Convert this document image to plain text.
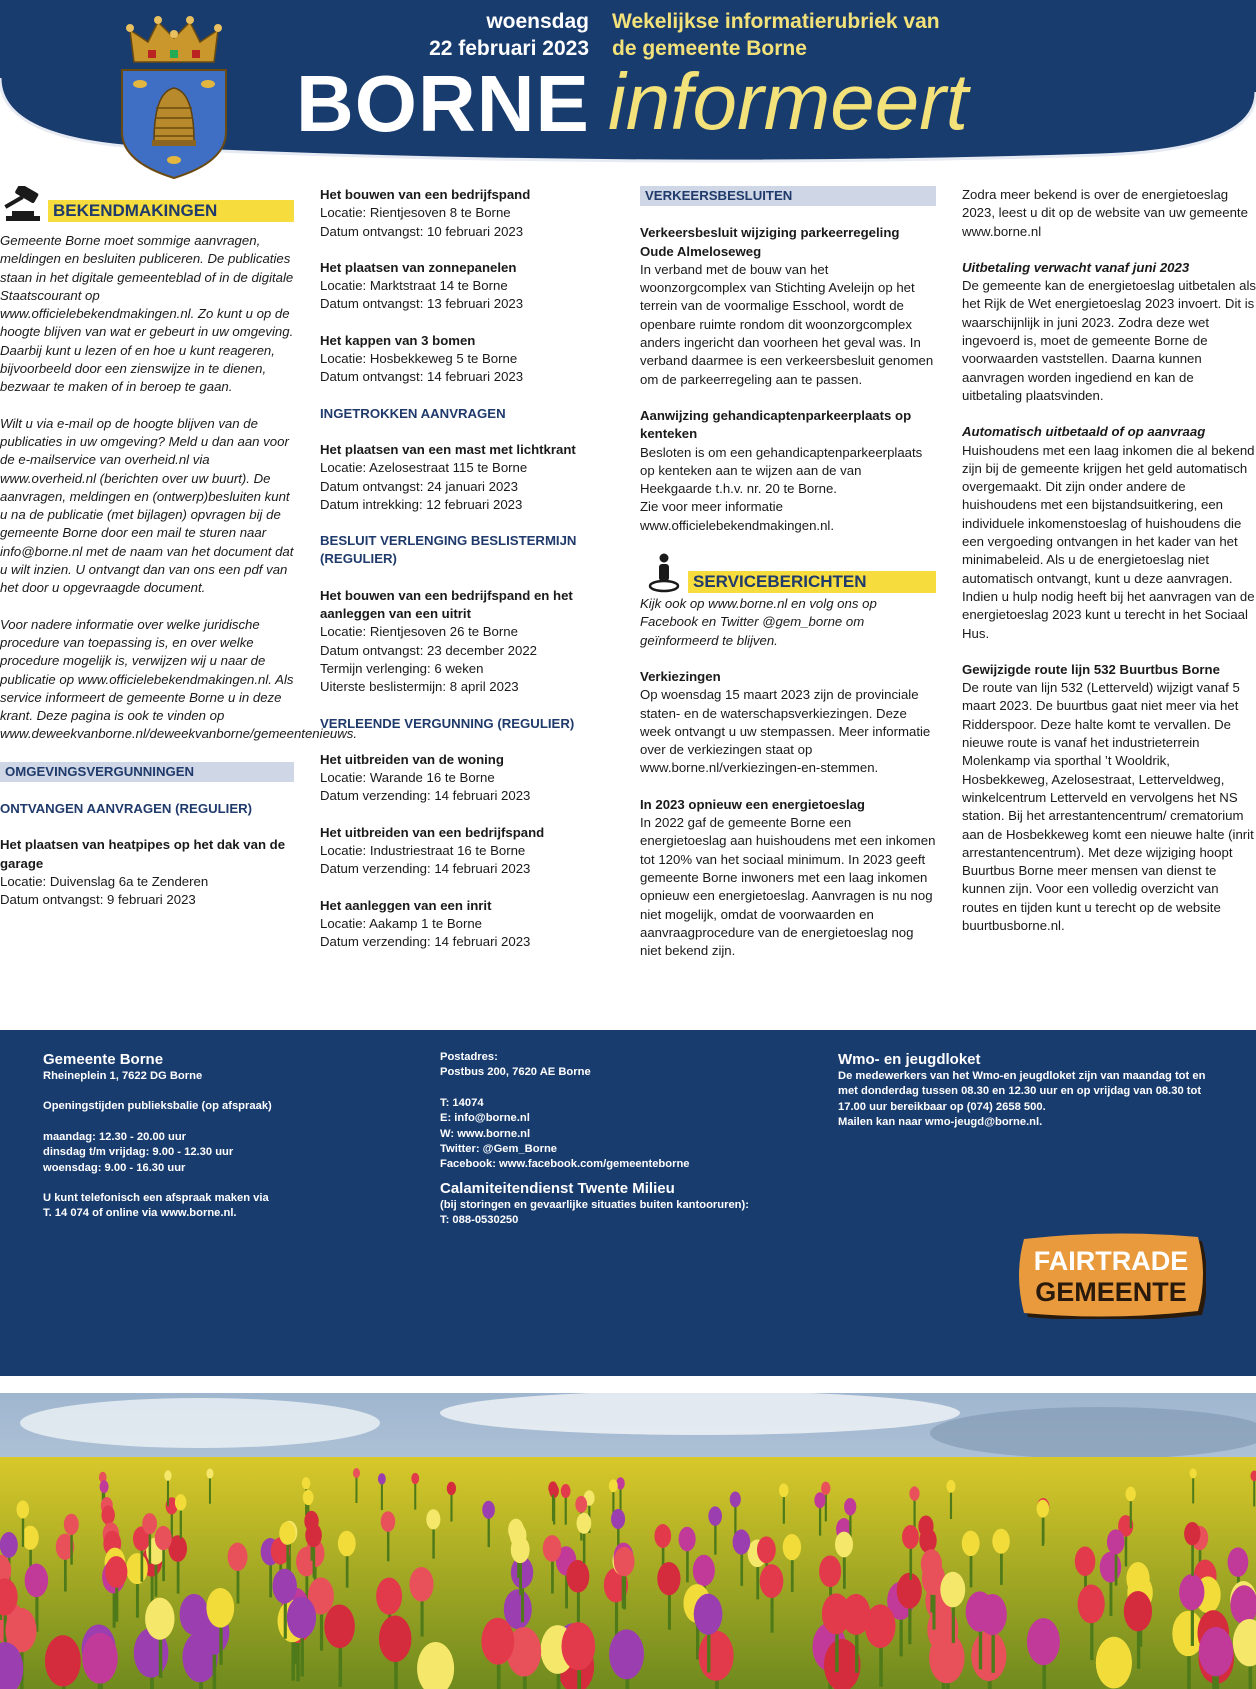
woensdag
22 februari 2023
Wekelijkse informatierubriek van
de gemeente Borne
BORNE informeert
BEKENDMAKINGEN

Gemeente Borne moet sommige aanvragen, meldingen en besluiten publiceren. De publicaties staan in het digitale gemeenteblad of in de digitale Staatscourant op www.officielebekendmakingen.nl. Zo kunt u op de hoogte blijven van wat er gebeurt in uw omgeving. Daarbij kunt u lezen of en hoe u kunt reageren, bijvoorbeeld door een zienswijze in te dienen, bezwaar te maken of in beroep te gaan.

Wilt u via e-mail op de hoogte blijven van de publicaties in uw omgeving? Meld u dan aan voor de e-mailservice van overheid.nl via www.overheid.nl (berichten over uw buurt). De aanvragen, meldingen en (ontwerp)besluiten kunt u na de publicatie (met bijlagen) opvragen bij de gemeente Borne door een mail te sturen naar info@borne.nl met de naam van het document dat u wilt inzien. U ontvangt dan van ons een pdf van het door u opgevraagde document.

Voor nadere informatie over welke juridische procedure van toepassing is, en over welke procedure mogelijk is, verwijzen wij u naar de publicatie op www.officielebekendmakingen.nl. Als service informeert de gemeente Borne u in deze krant. Deze pagina is ook te vinden op www.deweekvanborne.nl/deweekvanborne/gemeentenieuws.

OMGEVINGSVERGUNNINGEN
ONTVANGEN AANVRAGEN (REGULIER)

Het plaatsen van heatpipes op het dak van de garage
Locatie: Duivenslag 6a te Zenderen
Datum ontvangst: 9 februari 2023

Het bouwen van een bedrijfspand
Locatie: Rientjesoven 8 te Borne
Datum ontvangst: 10 februari 2023

Het plaatsen van zonnepanelen
Locatie: Marktstraat 14 te Borne
Datum ontvangst: 13 februari 2023

Het kappen van 3 bomen
Locatie: Hosbekkeweg 5 te Borne
Datum ontvangst: 14 februari 2023

INGETROKKEN AANVRAGEN

Het plaatsen van een mast met lichtkrant
Locatie: Azelosestraat 115 te Borne
Datum ontvangst: 24 januari 2023
Datum intrekking: 12 februari 2023

BESLUIT VERLENGING BESLISTERMIJN (REGULIER)

Het bouwen van een bedrijfspand en het aanleggen van een uitrit
Locatie: Rientjesoven 26 te Borne
Datum ontvangst: 23 december 2022
Termijn verlenging: 6 weken
Uiterste beslistermijn: 8 april 2023

VERLEENDE VERGUNNING (REGULIER)

Het uitbreiden van de woning
Locatie: Warande 16 te Borne
Datum verzending: 14 februari 2023

Het uitbreiden van een bedrijfspand
Locatie: Industriestraat 16 te Borne
Datum verzending: 14 februari 2023

Het aanleggen van een inrit
Locatie: Aakamp 1 te Borne
Datum verzending: 14 februari 2023

VERKEERSBESLUITEN

Verkeersbesluit wijziging parkeerregeling Oude Almeloseweg
In verband met de bouw van het woonzorgcomplex van Stichting Aveleijn op het terrein van de voormalige Esschool, wordt de openbare ruimte rondom dit woonzorgcomplex anders ingericht dan voorheen het geval was. In verband daarmee is een verkeersbesluit genomen om de parkeerregeling aan te passen.

Aanwijzing gehandicaptenparkeerplaats op kenteken
Besloten is om een gehandicaptenparkeerplaats op kenteken aan te wijzen aan de van Heekgaarde t.h.v. nr. 20 te Borne.
Zie voor meer informatie www.officielebekendmakingen.nl.

SERVICEBERICHTEN

Kijk ook op www.borne.nl en volg ons op Facebook en Twitter @gem_borne om geïnformeerd te blijven.

Verkiezingen
Op woensdag 15 maart 2023 zijn de provinciale staten- en de waterschapsverkiezingen. Deze week ontvangt u uw stempassen. Meer informatie over de verkiezingen staat op www.borne.nl/verkiezingen-en-stemmen.

In 2023 opnieuw een energietoeslag
In 2022 gaf de gemeente Borne een energietoeslag aan huishoudens met een inkomen tot 120% van het sociaal minimum. In 2023 geeft gemeente Borne inwoners met een laag inkomen opnieuw een energietoeslag. Aanvragen is nu nog niet mogelijk, omdat de voorwaarden en aanvraagprocedure van de energietoeslag nog niet bekend zijn.

Zodra meer bekend is over de energietoeslag 2023, leest u dit op de website van uw gemeente www.borne.nl

Uitbetaling verwacht vanaf juni 2023
De gemeente kan de energietoeslag uitbetalen als het Rijk de Wet energietoeslag 2023 invoert. Dit is waarschijnlijk in juni 2023. Zodra deze wet ingevoerd is, moet de gemeente Borne de voorwaarden vaststellen. Daarna kunnen aanvragen worden ingediend en kan de uitbetaling plaatsvinden.

Automatisch uitbetaald of op aanvraag
Huishoudens met een laag inkomen die al bekend zijn bij de gemeente krijgen het geld automatisch overgemaakt. Dit zijn onder andere de huishoudens met een bijstandsuitkering, een individuele inkomenstoeslag of huishoudens die een vergoeding ontvangen in het kader van het minimabeleid. Als u de energietoeslag niet automatisch ontvangt, kunt u deze aanvragen. Indien u hulp nodig heeft bij het aanvragen van de energietoeslag 2023 kunt u terecht in het Sociaal Hus.

Gewijzigde route lijn 532 Buurtbus Borne
De route van lijn 532 (Letterveld) wijzigt vanaf 5 maart 2023. De buurtbus gaat niet meer via het Ridderspoor. Deze halte komt te vervallen. De nieuwe route is vanaf het industrieterrein Molenkamp via sporthal ’t Wooldrik, Hosbekkeweg, Azelosestraat, Letterveldweg, winkelcentrum Letterveld en vervolgens het NS station. Bij het arrestantencentrum/ crematorium aan de Hosbekkeweg komt een nieuwe halte (inrit arrestantencentrum). Met deze wijziging hoopt Buurtbus Borne meer mensen van dienst te kunnen zijn. Voor een volledig overzicht van routes en tijden kunt u terecht op de website buurtbusborne.nl.

Gemeente Borne
Rheineplein 1, 7622 DG Borne
Openingstijden publieksbalie (op afspraak)
maandag: 12.30 - 20.00 uur
dinsdag t/m vrijdag: 9.00 - 12.30 uur
woensdag: 9.00 - 16.30 uur
U kunt telefonisch een afspraak maken via
T. 14 074 of online via www.borne.nl.
Postadres:
Postbus 200, 7620 AE Borne
T: 14074
E: info@borne.nl
W: www.borne.nl
Twitter: @Gem_Borne
Facebook: www.facebook.com/gemeenteborne
Calamiteitendienst Twente Milieu
(bij storingen en gevaarlijke situaties buiten kantooruren):
T: 088-0530250
Wmo- en jeugdloket
De medewerkers van het Wmo-en jeugdloket zijn van maandag tot en
met donderdag tussen 08.30 en 12.30 uur en op vrijdag van 08.30 tot
17.00 uur bereikbaar op (074) 2658 500.
Mailen kan naar wmo-jeugd@borne.nl.
FAIRTRADE
GEMEENTE
